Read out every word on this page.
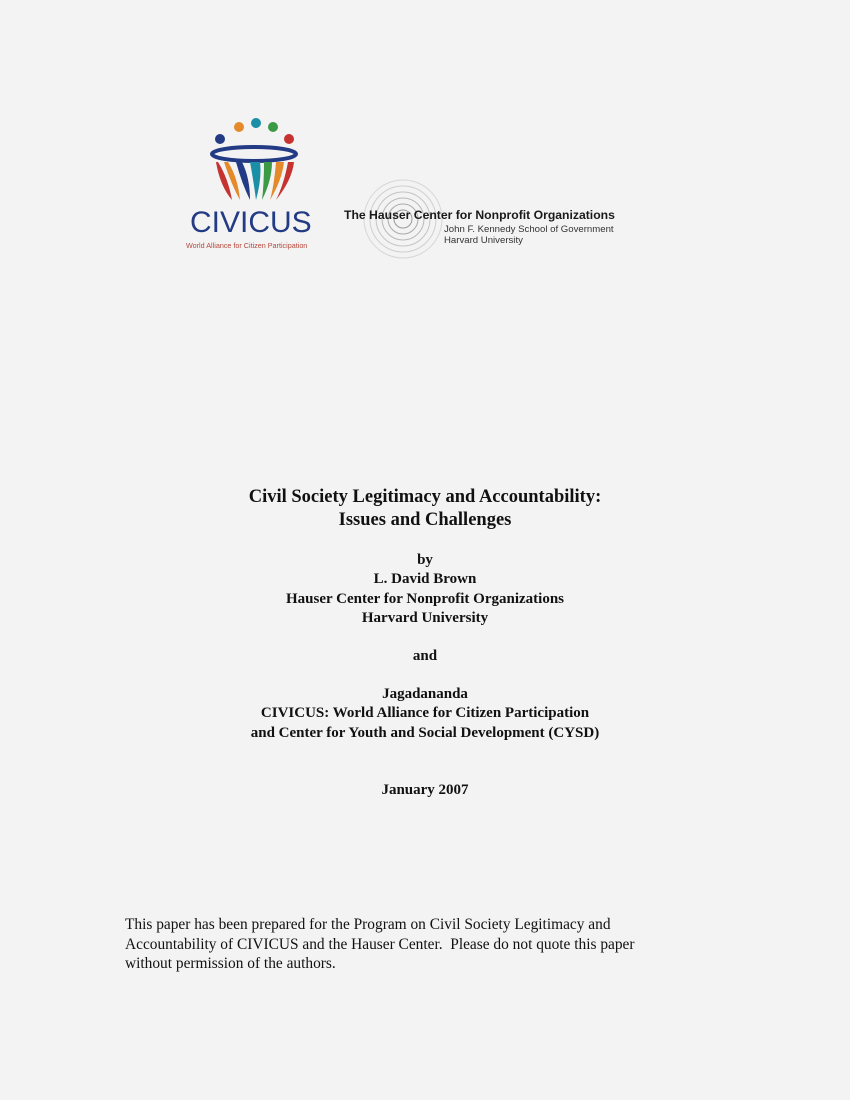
CIVICUS
World Alliance for Citizen Participation
The Hauser Center for Nonprofit Organizations
John F. Kennedy School of Government
Harvard University
Civil Society Legitimacy and Accountability:
Issues and Challenges
by
L. David Brown
Hauser Center for Nonprofit Organizations
Harvard University
and
Jagadananda
CIVICUS: World Alliance for Citizen Participation
and Center for Youth and Social Development (CYSD)
January 2007
This paper has been prepared for the Program on Civil Society Legitimacy and
Accountability of CIVICUS and the Hauser Center.  Please do not quote this paper
without permission of the authors.
